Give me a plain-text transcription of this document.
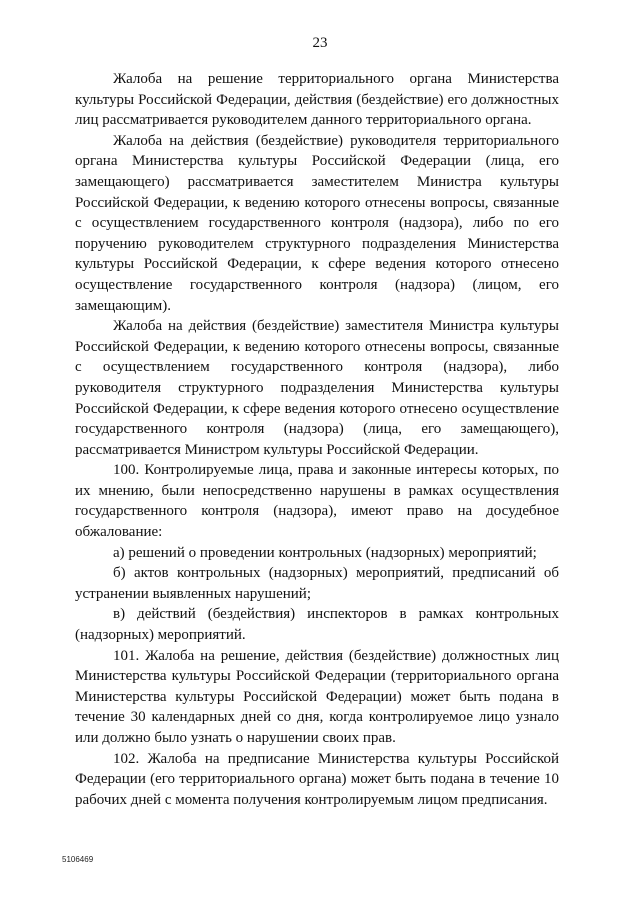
23

Жалоба на решение территориального органа Министерства культуры Российской Федерации, действия (бездействие) его должностных лиц рассматривается руководителем данного территориального органа.

Жалоба на действия (бездействие) руководителя территориального органа Министерства культуры Российской Федерации (лица, его замещающего) рассматривается заместителем Министра культуры Российской Федерации, к ведению которого отнесены вопросы, связанные с осуществлением государственного контроля (надзора), либо по его поручению руководителем структурного подразделения Министерства культуры Российской Федерации, к сфере ведения которого отнесено осуществление государственного контроля (надзора) (лицом, его замещающим).

Жалоба на действия (бездействие) заместителя Министра культуры Российской Федерации, к ведению которого отнесены вопросы, связанные с осуществлением государственного контроля (надзора), либо руководителя структурного подразделения Министерства культуры Российской Федерации, к сфере ведения которого отнесено осуществление государственного контроля (надзора) (лица, его замещающего), рассматривается Министром культуры Российской Федерации.

100. Контролируемые лица, права и законные интересы которых, по их мнению, были непосредственно нарушены в рамках осуществления государственного контроля (надзора), имеют право на досудебное обжалование:

а) решений о проведении контрольных (надзорных) мероприятий;

б) актов контрольных (надзорных) мероприятий, предписаний об устранении выявленных нарушений;

в) действий (бездействия) инспекторов в рамках контрольных (надзорных) мероприятий.

101. Жалоба на решение, действия (бездействие) должностных лиц Министерства культуры Российской Федерации (территориального органа Министерства культуры Российской Федерации) может быть подана в течение 30 календарных дней со дня, когда контролируемое лицо узнало или должно было узнать о нарушении своих прав.

102. Жалоба на предписание Министерства культуры Российской Федерации (его территориального органа) может быть подана в течение 10 рабочих дней с момента получения контролируемым лицом предписания.

5106469
